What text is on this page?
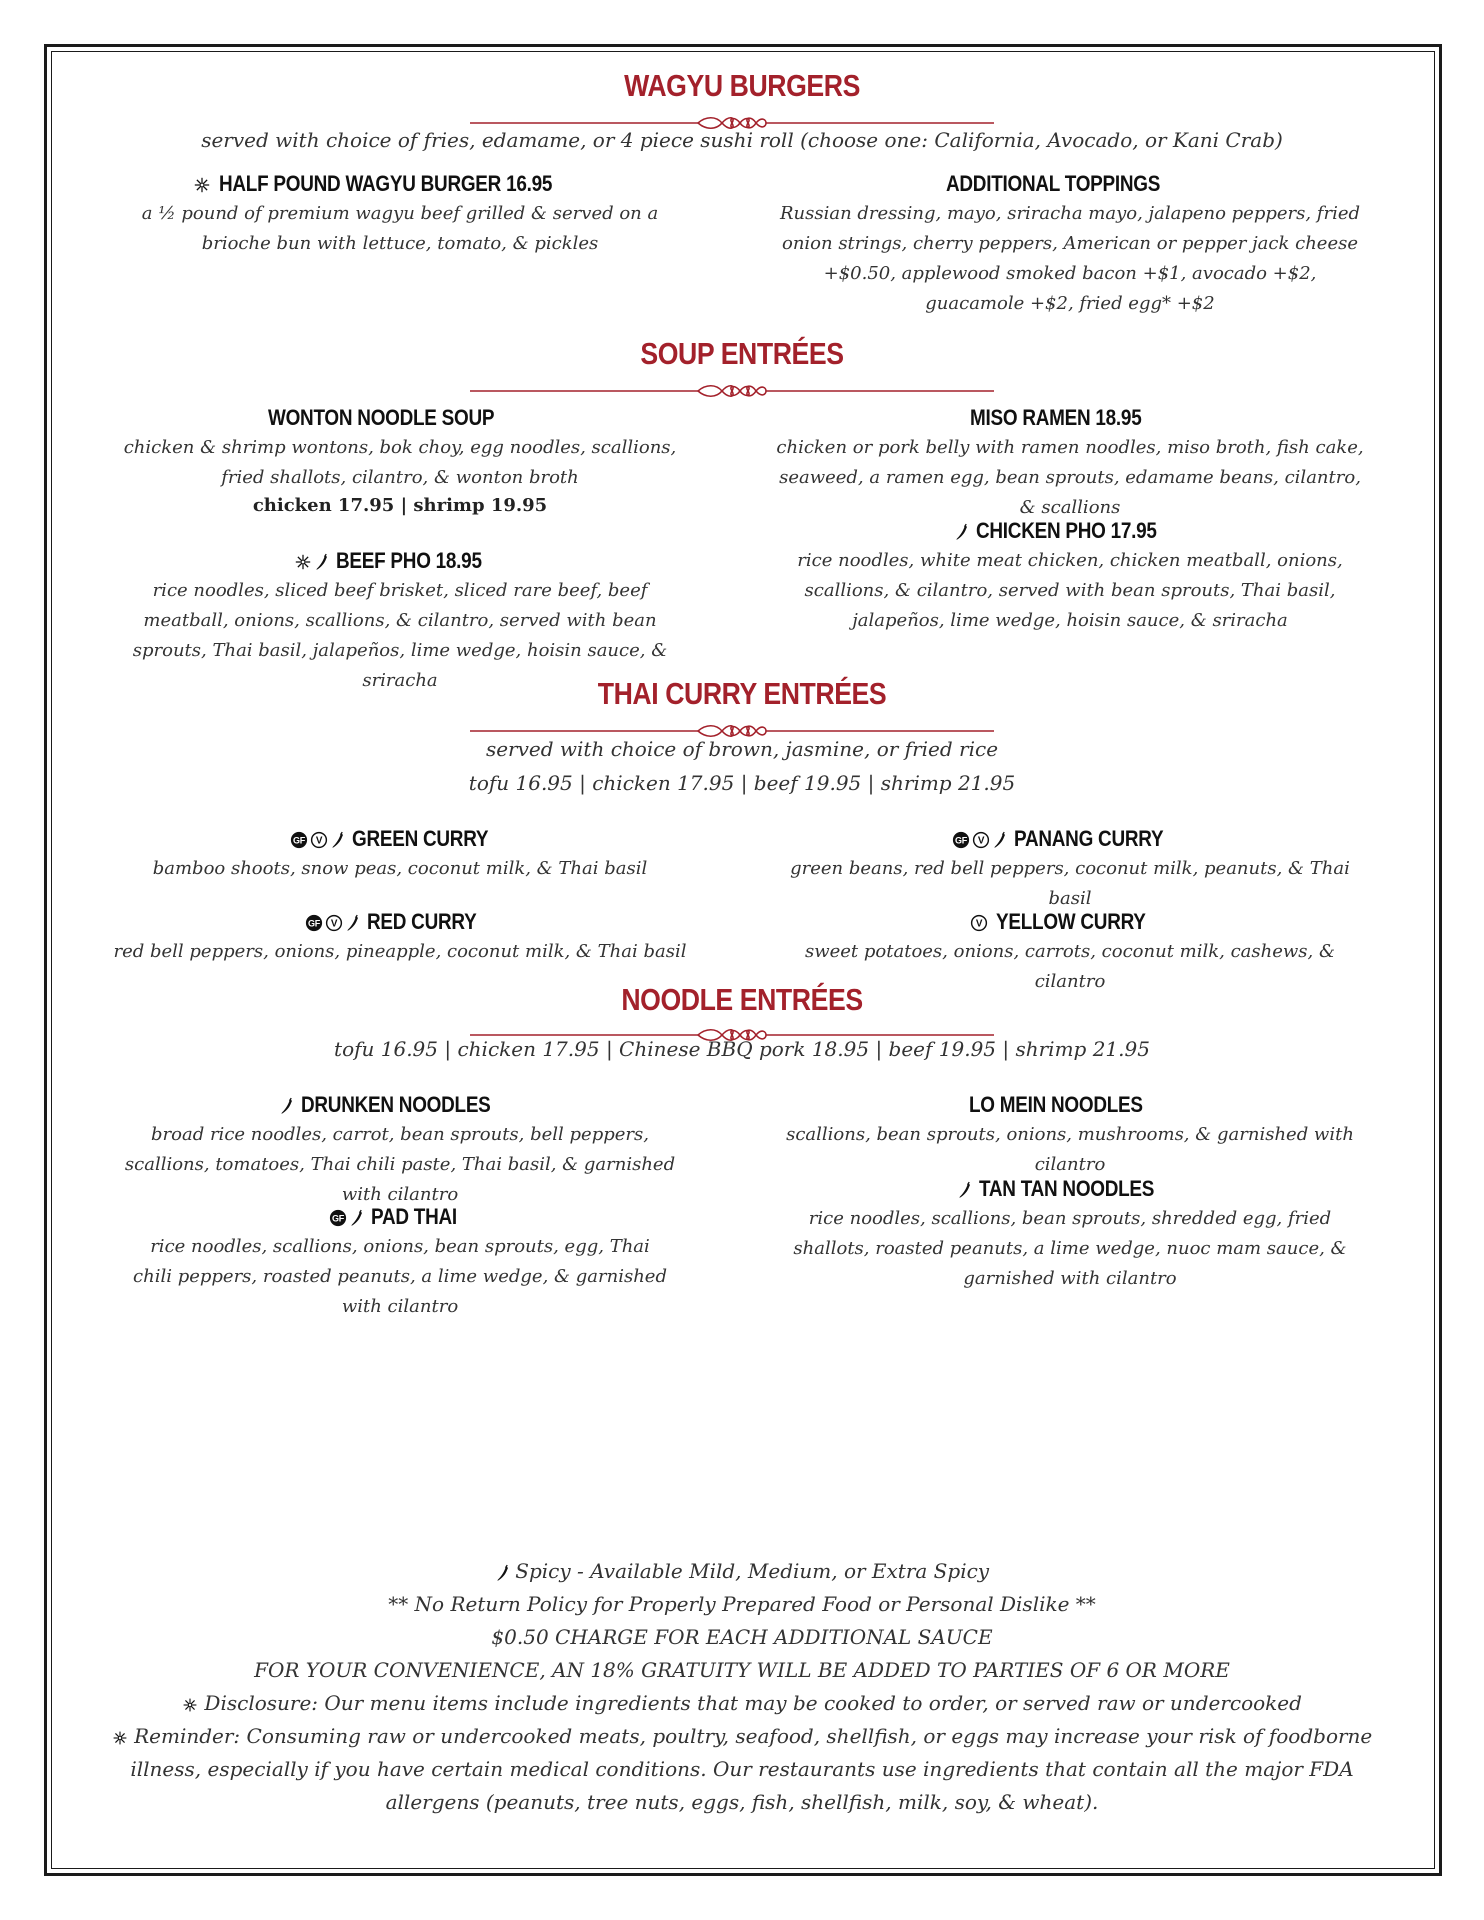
WAGYU BURGERS
served with choice of fries, edamame, or 4 piece sushi roll (choose one: California, Avocado, or Kani Crab)
HALF POUND WAGYU BURGER 16.95
a ½ pound of premium wagyu beef grilled & served on a brioche bun with lettuce, tomato, & pickles
ADDITIONAL TOPPINGS
Russian dressing, mayo, sriracha mayo, jalapeno peppers, fried onion strings, cherry peppers, American or pepper jack cheese +$0.50, applewood smoked bacon +$1, avocado +$2, guacamole +$2, fried egg* +$2
SOUP ENTRÉES
WONTON NOODLE SOUP
chicken & shrimp wontons, bok choy, egg noodles, scallions, fried shallots, cilantro, & wonton broth
chicken 17.95 | shrimp 19.95
MISO RAMEN 18.95
chicken or pork belly with ramen noodles, miso broth, fish cake, seaweed, a ramen egg, bean sprouts, edamame beans, cilantro, & scallions
BEEF PHO 18.95
rice noodles, sliced beef brisket, sliced rare beef, beef meatball, onions, scallions, & cilantro, served with bean sprouts, Thai basil, jalapeños, lime wedge, hoisin sauce, & sriracha
CHICKEN PHO 17.95
rice noodles, white meat chicken, chicken meatball, onions, scallions, & cilantro, served with bean sprouts, Thai basil, jalapeños, lime wedge, hoisin sauce, & sriracha
THAI CURRY ENTRÉES
served with choice of brown, jasmine, or fried rice
tofu 16.95 | chicken 17.95 | beef 19.95 | shrimp 21.95
GREEN CURRY
bamboo shoots, snow peas, coconut milk, & Thai basil
PANANG CURRY
green beans, red bell peppers, coconut milk, peanuts, & Thai basil
RED CURRY
red bell peppers, onions, pineapple, coconut milk, & Thai basil
YELLOW CURRY
sweet potatoes, onions, carrots, coconut milk, cashews, & cilantro
NOODLE ENTRÉES
tofu 16.95 | chicken 17.95 | Chinese BBQ pork 18.95 | beef 19.95 | shrimp 21.95
DRUNKEN NOODLES
broad rice noodles, carrot, bean sprouts, bell peppers, scallions, tomatoes, Thai chili paste, Thai basil, & garnished with cilantro
LO MEIN NOODLES
scallions, bean sprouts, onions, mushrooms, & garnished with cilantro
PAD THAI
rice noodles, scallions, onions, bean sprouts, egg, Thai chili peppers, roasted peanuts, a lime wedge, & garnished with cilantro
TAN TAN NOODLES
rice noodles, scallions, bean sprouts, shredded egg, fried shallots, roasted peanuts, a lime wedge, nuoc mam sauce, & garnished with cilantro
Spicy - Available Mild, Medium, or Extra Spicy
** No Return Policy for Properly Prepared Food or Personal Dislike **
$0.50 CHARGE FOR EACH ADDITIONAL SAUCE
FOR YOUR CONVENIENCE, AN 18% GRATUITY WILL BE ADDED TO PARTIES OF 6 OR MORE
Disclosure: Our menu items include ingredients that may be cooked to order, or served raw or undercooked
Reminder: Consuming raw or undercooked meats, poultry, seafood, shellfish, or eggs may increase your risk of foodborne illness, especially if you have certain medical conditions. Our restaurants use ingredients that contain all the major FDA allergens (peanuts, tree nuts, eggs, fish, shellfish, milk, soy, & wheat).
